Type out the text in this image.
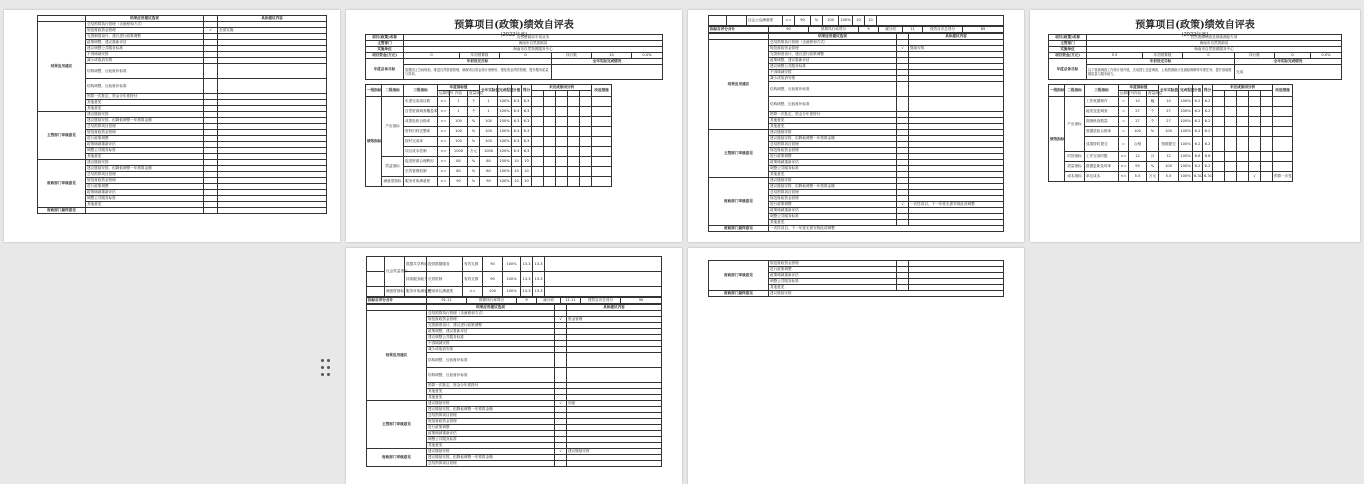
	结果应用建议选项		具体建议内容
结果应用建议	总结预算执行管理（含流程和方式）		
	规范财政资金管理	√	全部实施
	完善制度设计，建议进行政策调整		
	政策调整，建议重新评估		
	建议调整公共服务标准		
	不得调减安排		
	减少或取消安排		
	结构调整，压低财补标准		
	结构调整，压低财补标准		
	预算一次批定，资金分年度拨付		
	其他意见		
	其他意见		
主管部门审核意见	建议继续安排		
	建议继续安排，但降低调整一年预算金额		
	总结预算项目管理		
	规范财政资金管理		
	进行政策调整		
	政策调减重新评估		
	调整公共服务标准		
	其他意见		
财政部门审核意见	建议继续安排		
	建议继续安排，但降低调整一年预算金额		
	总结预算项目管理		
	规范财政资金管理		
	进行政策调整		
	政策调减重新评估		
	调整公共服务标准		
	其他意见		
财政部门最终意见			
预算项目(政策)绩效自评表
(2022年度)
项目(政策)名称	自然资源局专项业务					
主管部门	海南市自然资源局					
实施单位	海南市自然资源服务中心					
项目资金(万元)	0	年初预算数	0	执行数	10	0.0%
年度总体目标	年初设定目标			全年实际完成情况		
	加强国土空间规划，推进自然资源管理，确保项目资金按计划使用，强化资金绩效管理，提升服务质量与效率。					
一级指标	二级指标	三级指标	年度指标值			全年实际值	完成程度	分值	得分	未完成原因分析					改进措施
			运算符号	内容	度量单位										
绩效指标	产出指标	年度完成项目数	>=	1	个	1	100%	6.3	6.3						
		自然资源调查覆盖率	>=	1	个	1	100%	6.3	6.3						
		成果验收合格率	>=	100	%	100	100%	6.3	6.3						
		资料归档完整率	>=	100	%	100	100%	6.3	6.3						
		按时完成率	>=	100	%	100	100%	6.3	6.3						
		项目成本控制	<=	1000	万元	1000	100%	6.3	6.3						
	效益指标	促进资源合理利用	>=	80	%	80	100%	10	10						
		长效管理机制	>=	80	%	80	100%	10	10						
	满意度指标	服务对象满意度	>=	90	%	90	100%	10	10						
		社会公众满意度	>=	90	%	100	100%	10	10	
指标自评分合计	90	预算执行率得分	9	减分项	11	绩效自评总得分	89
	结果应用建议选项		具体建议内容
结果应用建议	总结预算执行管理（含流程和方式）		
	规范财政资金管理	√	继续安排
	完善制度设计，建议进行政策调整		
	政策调整，建议重新评估		
	建议调整公共服务标准		
	不得调减安排		
	减少或取消安排		
	结构调整，压低财补标准		
	结构调整，压低财补标准		
	预算一次批定，资金分年度拨付		
	其他意见		
	其他意见		
主管部门审核意见	建议继续安排		
	建议继续安排，但降低调整一年预算金额		
	总结预算项目管理		
	规范财政资金管理		
	进行政策调整		
	政策调减重新评估		
	调整公共服务标准		
	其他意见		
财政部门审核意见	建议继续安排		
	建议继续安排，但降低调整一年预算金额		
	总结预算项目管理		
	规范财政资金管理		
	进行政策调整	√	一次性项目，下一年度无需安排此项调整
	政策调减重新评估		
	调整公共服务标准		
	其他意见		
财政部门最终意见	一次性项目，下一年度无需安排此项调整		
预算项目(政策)绩效自评表
(2022年度)
项目(政策)名称	自然资源调查及基础测绘专项					
主管部门	海南市自然资源局					
实施单位	海南市自然资源服务中心					
项目资金(万元)	5.5	年初预算数	0	执行数	0	0.0%
年度总体目标	年初设定目标			全年实际完成情况		
	以下资源调查工作按计划开展，完成国土变更调查、土地资源统计及测绘保障等年度任务，提升基础数据质量与服务能力。			完成		
一级指标	二级指标	三级指标	年度指标值			全年实际值	完成程度	分值	得分	未完成原因分析					改进措施
			运算符号	内容	度量单位										
绩效指标	产出指标	工作底图制作	=	10	幅	10	100%	6.2	6.2						
		地类变更调查	=	27	个	27	100%	6.2	6.2						
		图斑核查数量	=	27	个	27	100%	6.2	6.2						
		数据质检合格率	=	100	%	100	100%	6.2	6.2						
		成果按时提交	=	合格		按期提交	100%	6.2	6.2						
	时效指标	工作完成时限	<=	12	月	12	100%	6.6	6.6						
	质量指标	数据更新及时率	>=	95	%	100	100%	6.2	6.2						
	成本指标	单位成本	<=	5.5	万元	5.5	100%	6.31	6.31				√		预算一次性
	社会效益指标	数据共享利用	提供数据服务	有效支撑	90	100%	13.3	13.3	
		持续服务能力	长效机制	有效支撑	90	100%	13.3	13.3	
	满意度指标	服务对象满意度	使用单位满意度	>=	100	100%	13.3	13.3	
指标自评分合计	91.11	预算执行率得分	9	减分项	11.11	绩效自评总得分	90
	结果应用建议选项		具体建议内容
结果应用建议	总结预算执行管理（含流程和方式）		
	规范财政资金管理	√	资金管理
	完善制度设计，建议进行政策调整		
	政策调整，建议重新评估		
	建议调整公共服务标准		
	不得调减安排		
	减少或取消安排		
	结构调整，压低财补标准		
	结构调整，压低财补标准		
	预算一次批定，资金分年度拨付		
	其他意见		
	其他意见		
主管部门审核意见	建议继续安排	√	同意
	建议继续安排，但降低调整一年预算金额		
	总结预算项目管理		
	规范财政资金管理		
	进行政策调整		
	政策调减重新评估		
	调整公共服务标准		
	其他意见		
财政部门审核意见	建议继续安排	√	建议继续安排
	建议继续安排，但降低调整一年预算金额		
	总结预算项目管理		
财政部门审核意见	规范财政资金管理		
	进行政策调整		
	政策调减重新评估		
	调整公共服务标准		
	其他意见		
财政部门最终意见	建议继续安排		
